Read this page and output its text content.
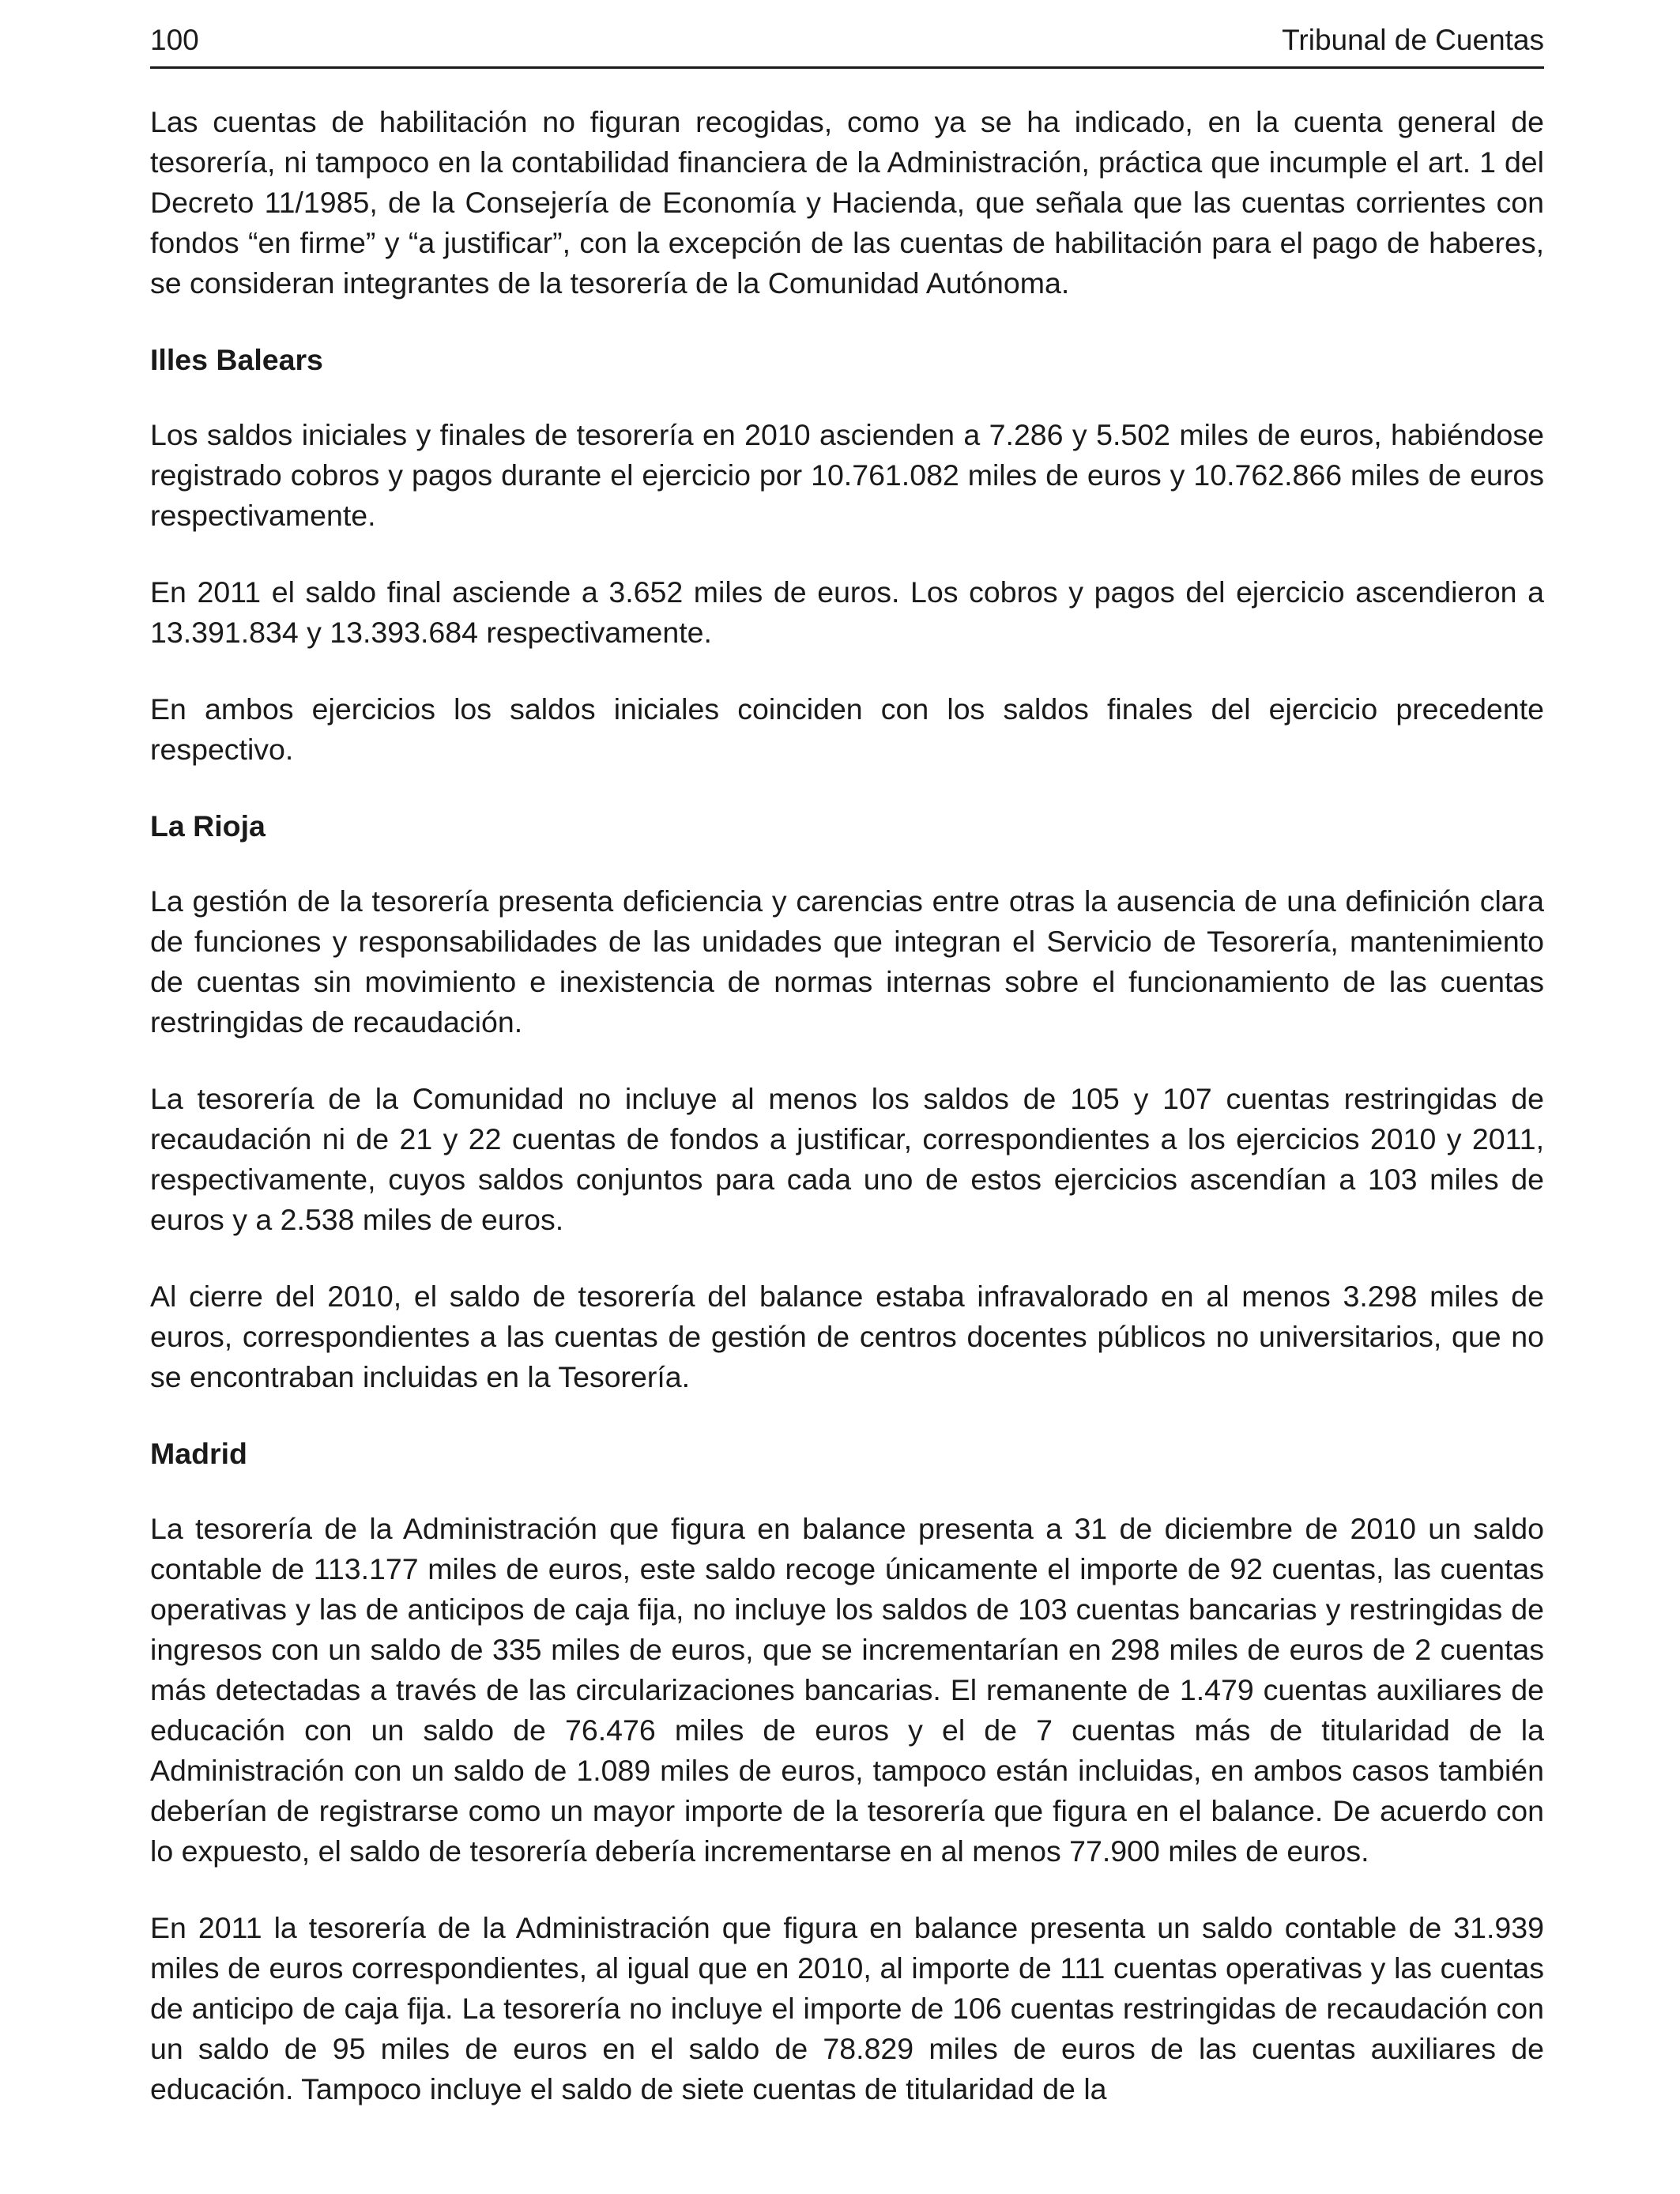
100	Tribunal de Cuentas

Las cuentas de habilitación no figuran recogidas, como ya se ha indicado, en la cuenta general de tesorería, ni tampoco en la contabilidad financiera de la Administración, práctica que incumple el art. 1 del Decreto 11/1985, de la Consejería de Economía y Hacienda, que señala que las cuentas corrientes con fondos “en firme” y “a justificar”, con la excepción de las cuentas de habilitación para el pago de haberes, se consideran integrantes de la tesorería de la Comunidad Autónoma.

Illes Balears

Los saldos iniciales y finales de tesorería en 2010 ascienden a 7.286 y 5.502 miles de euros, habiéndose registrado cobros y pagos durante el ejercicio por 10.761.082 miles de euros y 10.762.866 miles de euros respectivamente.

En 2011 el saldo final asciende a 3.652 miles de euros. Los cobros y pagos del ejercicio ascendieron a 13.391.834 y 13.393.684 respectivamente.

En ambos ejercicios los saldos iniciales coinciden con los saldos finales del ejercicio precedente respectivo.

La Rioja

La gestión de la tesorería presenta deficiencia y carencias entre otras la ausencia de una definición clara de funciones y responsabilidades de las unidades que integran el Servicio de Tesorería, mantenimiento de cuentas sin movimiento e inexistencia de normas internas sobre el funcionamiento de las cuentas restringidas de recaudación.

La tesorería de la Comunidad no incluye al menos los saldos de 105 y 107 cuentas restringidas de recaudación ni de 21 y 22 cuentas de fondos a justificar, correspondientes a los ejercicios 2010 y 2011, respectivamente, cuyos saldos conjuntos para cada uno de estos ejercicios ascendían a 103 miles de euros y a 2.538 miles de euros.

Al cierre del 2010, el saldo de tesorería del balance estaba infravalorado en al menos 3.298 miles de euros, correspondientes a las cuentas de gestión de centros docentes públicos no universitarios, que no se encontraban incluidas en la Tesorería.

Madrid

La tesorería de la Administración que figura en balance presenta a 31 de diciembre de 2010 un saldo contable de 113.177 miles de euros, este saldo recoge únicamente el importe de 92 cuentas, las cuentas operativas y las de anticipos de caja fija, no incluye los saldos de 103 cuentas bancarias y restringidas de ingresos con un saldo de 335 miles de euros, que se incrementarían en 298 miles de euros de 2 cuentas más detectadas a través de las circularizaciones bancarias. El remanente de 1.479 cuentas auxiliares de educación con un saldo de 76.476 miles de euros y el de 7 cuentas más de titularidad de la Administración con un saldo de 1.089 miles de euros, tampoco están incluidas, en ambos casos también deberían de registrarse como un mayor importe de la tesorería que figura en el balance. De acuerdo con lo expuesto, el saldo de tesorería debería incrementarse en al menos 77.900 miles de euros.

En 2011 la tesorería de la Administración que figura en balance presenta un saldo contable de 31.939 miles de euros correspondientes, al igual que en 2010, al importe de 111 cuentas operativas y las cuentas de anticipo de caja fija. La tesorería no incluye el importe de 106 cuentas restringidas de recaudación con un saldo de 95 miles de euros en el saldo de 78.829 miles de euros de las cuentas auxiliares de educación. Tampoco incluye el saldo de siete cuentas de titularidad de la
